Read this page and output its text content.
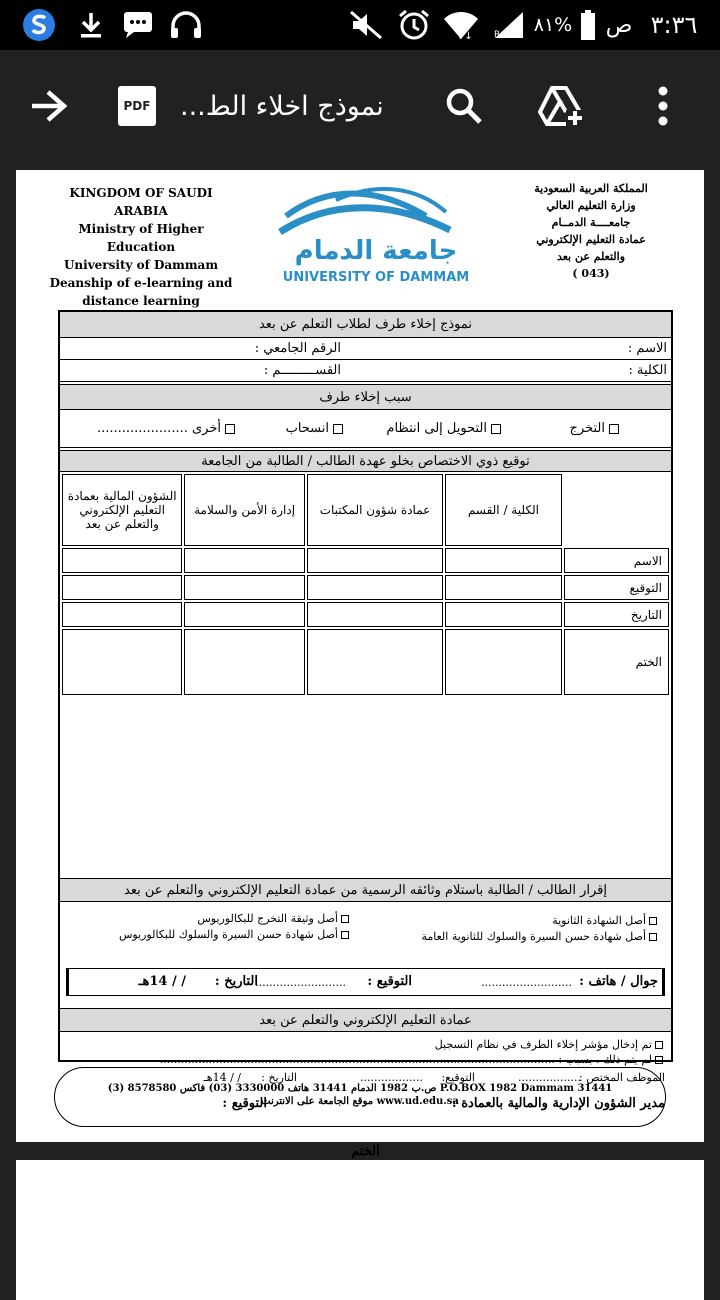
↑↓ R ٨١% ص ٣:٣٦
PDF نموذج اخلاء الط...
KINGDOM OF SAUDI ARABIA
Ministry of Higher Education
University of Dammam
Deanship of e-learning and
distance learning
جامعة الدمام
UNIVERSITY OF DAMMAM
المملكة العربية السعودية
وزارة التعليم العالي
جامعــــة الدمــام
عمادة التعليم الإلكتروني
والتعلم عن بعد
(043 )
نموذج إخلاء طرف لطلاب التعلم عن بعد
الاسم :
الرقم الجامعي :
الكلية :
القســـــــــم :
سبب إخلاء طرف
التخرج
التحويل إلى انتظام
انسحاب
أخرى ......................
توقيع ذوي الاختصاص بخلو عهدة الطالب / الطالبة من الجامعة
الشؤون المالية بعمادة التعليم الإلكتروني والتعلم عن بعد	إدارة الأمن والسلامة	عمادة شؤون المكتبات	الكلية / القسم	
				الاسم
				التوقيع
				التاريخ
				الختم
إقرار الطالب / الطالبة باستلام وثائقه الرسمية من عمادة التعليم الإلكتروني والتعلم عن بعد
أصل الشهادة الثانوية
أصل شهادة حسن السيرة والسلوك للثانوية العامة
أصل وثيقة التخرج للبكالوريوس
أصل شهادة حسن السيرة والسلوك للبكالوريوس
جوال / هاتف :
..........................
التوقيع :
..........................
التاريخ :
/ / 14هـ
عمادة التعليم الإلكتروني والتعلم عن بعد
تم إدخال مؤشر إخلاء الطرف في نظام التسجيل
لم يتم ذلك ، بسبب : .................................................................................................................
الموظف المختص :
..................
التوقيع:
..................
التاريخ :
/ / 14هـ
مدير الشؤون الإدارية والمالية بالعمادة :
التوقيع :
الختم
ص.ب 1982 الدمام 31441 هاتف 3330000 (03) فاكس 8578580 (3) P.O.BOX 1982 Dammam 31441
موقع الجامعة على الانترنت www.ud.edu.sa
